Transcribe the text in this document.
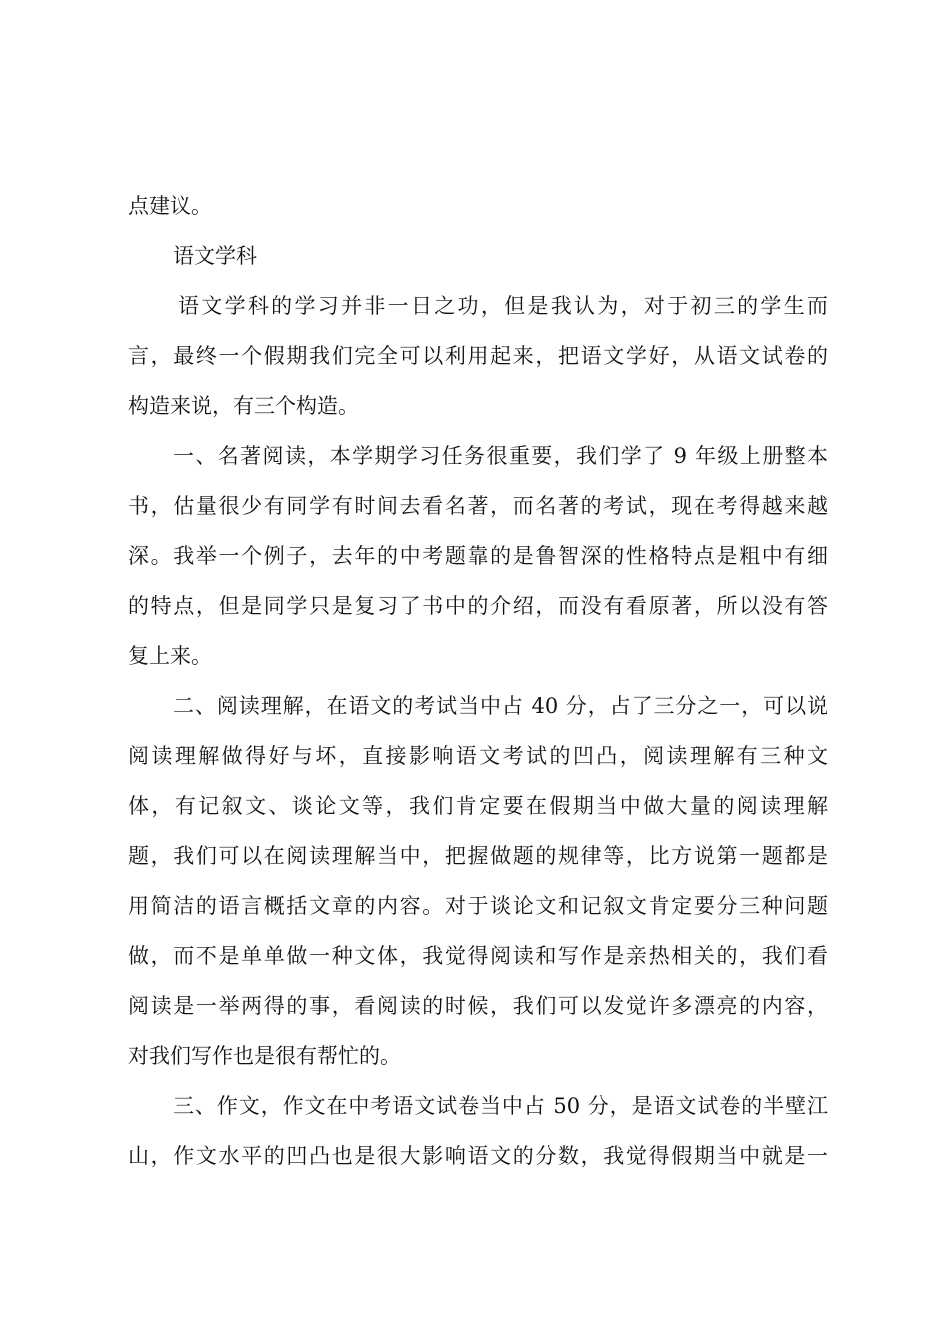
点建议。
语文学科
语文学科的学习并非一日之功，但是我认为，对于初三的学生而
言，最终一个假期我们完全可以利用起来，把语文学好，从语文试卷的
构造来说，有三个构造。
一、名著阅读，本学期学习任务很重要，我们学了 9 年级上册整本
书，估量很少有同学有时间去看名著，而名著的考试，现在考得越来越
深。我举一个例子，去年的中考题靠的是鲁智深的性格特点是粗中有细
的特点，但是同学只是复习了书中的介绍，而没有看原著，所以没有答
复上来。
二、阅读理解，在语文的考试当中占 40 分，占了三分之一，可以说
阅读理解做得好与坏，直接影响语文考试的凹凸，阅读理解有三种文
体，有记叙文、谈论文等，我们肯定要在假期当中做大量的阅读理解
题，我们可以在阅读理解当中，把握做题的规律等，比方说第一题都是
用简洁的语言概括文章的内容。对于谈论文和记叙文肯定要分三种问题
做，而不是单单做一种文体，我觉得阅读和写作是亲热相关的，我们看
阅读是一举两得的事，看阅读的时候，我们可以发觉许多漂亮的内容，
对我们写作也是很有帮忙的。
三、作文，作文在中考语文试卷当中占 50 分，是语文试卷的半壁江
山，作文水平的凹凸也是很大影响语文的分数，我觉得假期当中就是一
